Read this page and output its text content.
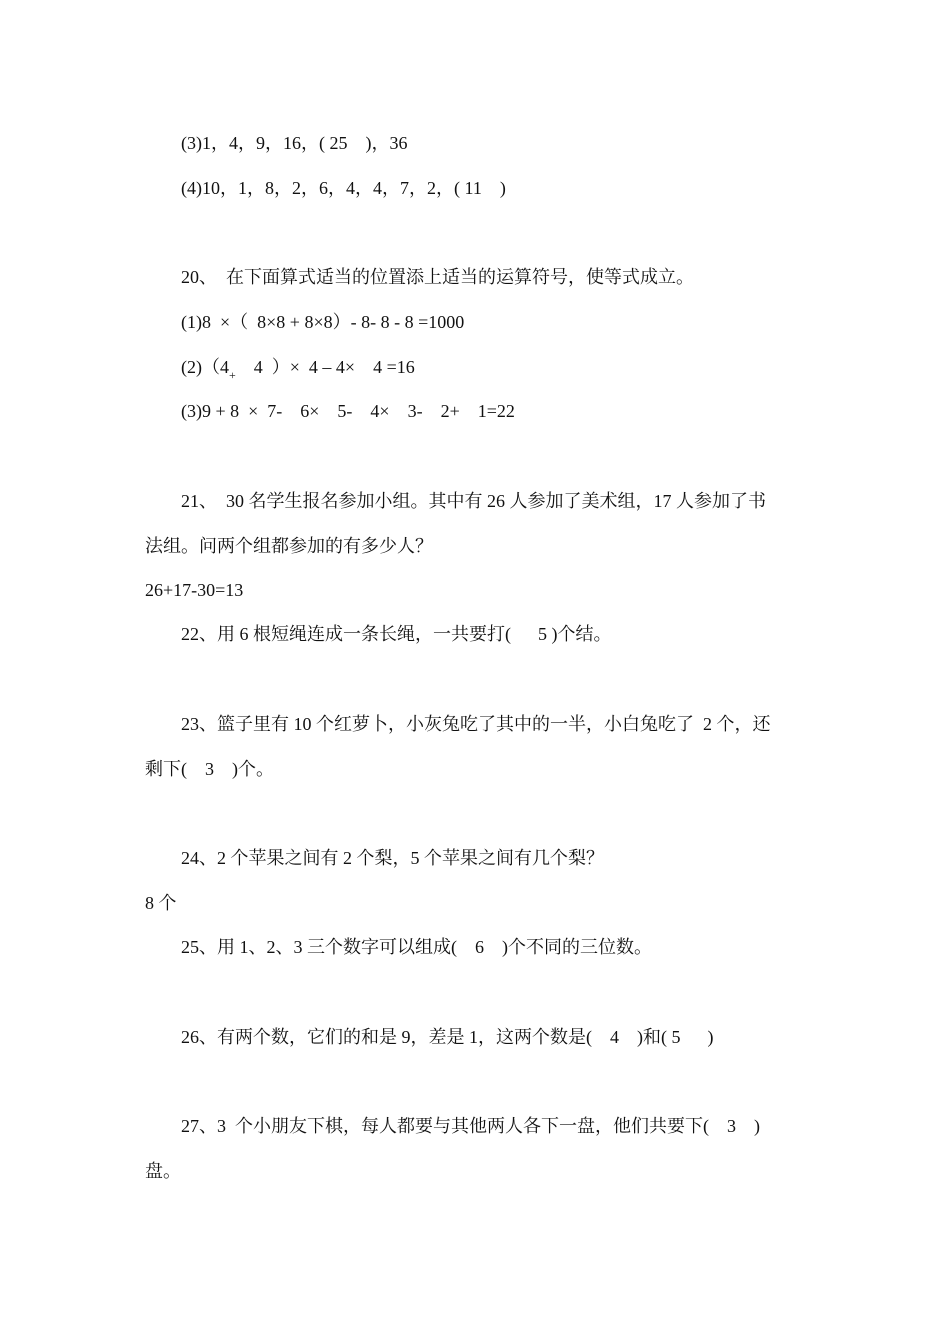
(3)1，4，9，16，( 25    )，36

(4)10，1，8，2，6，4，4，7，2，( 11    )

20、  在下面算式适当的位置添上适当的运算符号，使等式成立。

(1)8  ×（  8×8 + 8×8）- 8- 8 - 8 =1000

$(2)(4_+$    4  ）×  4 – 4×    4 =16

(3)9 + 8  ×  7-    6×    5-    4×    3-    2+    1=22

21、  30 名学生报名参加小组。其中有 26 人参加了美术组，17 人参加了书

法组。问两个组都参加的有多少人？

26+17-30=13

22、用 6 根短绳连成一条长绳，一共要打(      5 )个结。

23、篮子里有 10 个红萝卜，小灰兔吃了其中的一半，小白兔吃了  2 个，还

剩下(    3    )个。

24、2 个苹果之间有 2 个梨，5 个苹果之间有几个梨？

8 个

25、用 1、2、3 三个数字可以组成(    6    )个不同的三位数。

26、有两个数，它们的和是 9，差是 1，这两个数是(    4    )和( 5      )

27、3  个小朋友下棋，每人都要与其他两人各下一盘，他们共要下(    3    )

盘。
